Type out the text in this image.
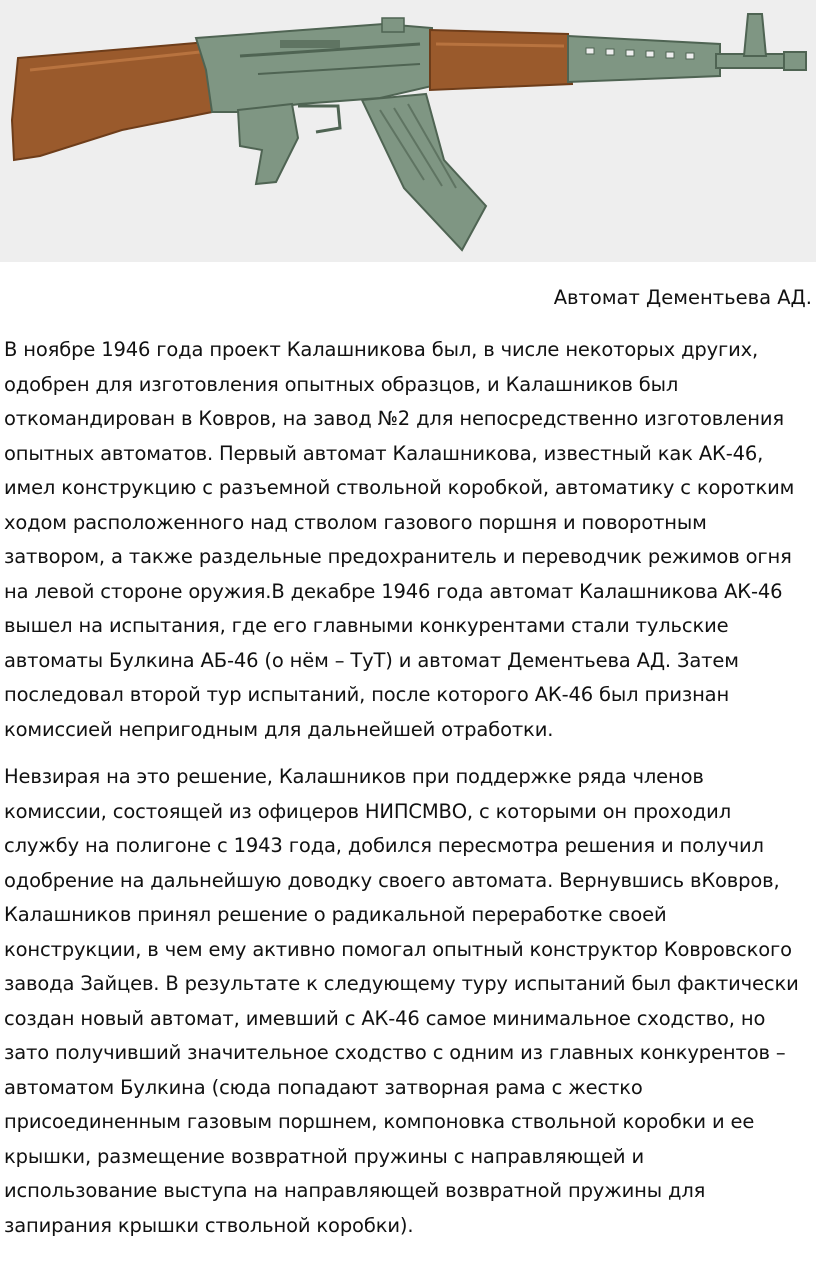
Автомат Дементьева АД.
В ноябре 1946 года проект Калашникова был, в числе некоторых других,
одобрен для изготовления опытных образцов, и Калашников был
откомандирован в Ковров, на завод №2 для непосредственно изготовления
опытных автоматов. Первый автомат Калашникова, известный как АК-46,
имел конструкцию с разъемной ствольной коробкой, автоматику с коротким
ходом расположенного над стволом газового поршня и поворотным
затвором, а также раздельные предохранитель и переводчик режимов огня
на левой стороне оружия.В декабре 1946 года автомат Калашникова АК-46
вышел на испытания, где его главными конкурентами стали тульские
автоматы Булкина АБ-46 (о нём – ТуТ) и автомат Дементьева АД. Затем
последовал второй тур испытаний, после которого АК-46 был признан
комиссией непригодным для дальнейшей отработки.
Невзирая на это решение, Калашников при поддержке ряда членов
комиссии, состоящей из офицеров НИПСМВО, с которыми он проходил
службу на полигоне с 1943 года, добился пересмотра решения и получил
одобрение на дальнейшую доводку своего автомата. Вернувшись вКовров,
Калашников принял решение о радикальной переработке своей
конструкции, в чем ему активно помогал опытный конструктор Ковровского
завода Зайцев. В результате к следующему туру испытаний был фактически
создан новый автомат, имевший с АК-46 самое минимальное сходство, но
зато получивший значительное сходство с одним из главных конкурентов –
автоматом Булкина (сюда попадают затворная рама с жестко
присоединенным газовым поршнем, компоновка ствольной коробки и ее
крышки, размещение возвратной пружины с направляющей и
использование выступа на направляющей возвратной пружины для
запирания крышки ствольной коробки).
